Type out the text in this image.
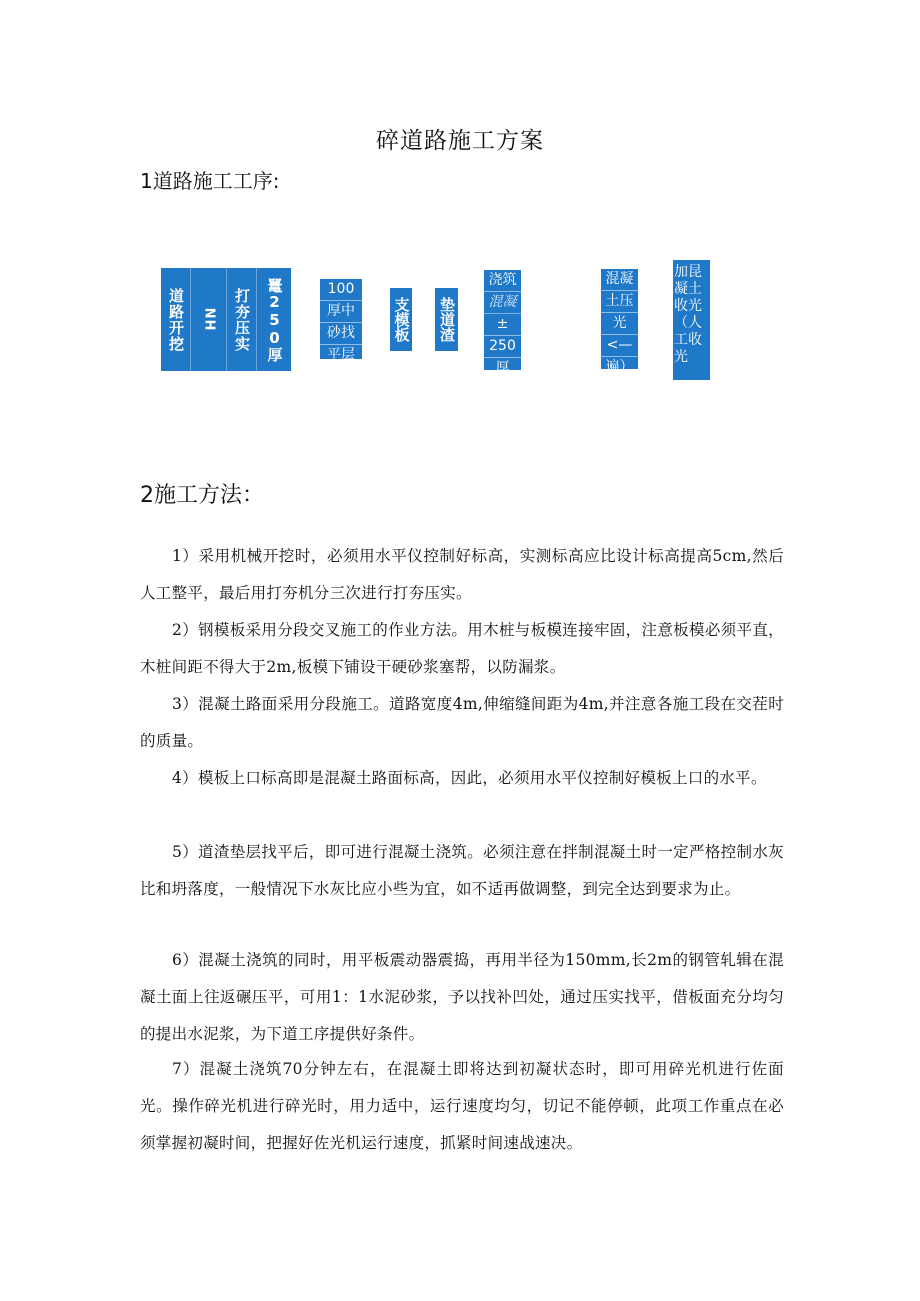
碎道路施工方案
1道路施工工序:
道路开挖	NH	打夯压实 鼍250厚	100
厚中
砂找
平层
支模板 垫道渣
浇筑
混凝
±
250
厚
混凝
土压
光
<—
遍）
加昆
凝土
收光
（人
工收
光
2施工方法：

1）采用机械开挖时，必须用水平仪控制好标高，实测标高应比设计标高提高5cm,然后人工整平，最后用打夯机分三次进行打夯压实。

2）钢模板采用分段交叉施工的作业方法。用木桩与板模连接牢固，注意板模必须平直，木桩间距不得大于2m,板模下铺设干硬砂浆塞帮，以防漏浆。

3）混凝土路面采用分段施工。道路宽度4m,伸缩缝间距为4m,并注意各施工段在交茬时的质量。

4）模板上口标高即是混凝土路面标高，因此，必须用水平仪控制好模板上口的水平。

5）道渣垫层找平后，即可进行混凝土浇筑。必须注意在拌制混凝土时一定严格控制水灰比和坍落度，一般情况下水灰比应小些为宜，如不适再做调整，到完全达到要求为止。

6）混凝土浇筑的同时，用平板震动器震捣，再用半径为150mm,长2m的钢管轧辑在混凝土面上往返碾压平，可用1：1水泥砂浆，予以找补凹处，通过压实找平，借板面充分均匀的提出水泥浆，为下道工序提供好条件。

7）混凝土浇筑70分钟左右，在混凝土即将达到初凝状态时，即可用碎光机进行佐面光。操作碎光机进行碎光时，用力适中，运行速度均匀，切记不能停顿，此项工作重点在必须掌握初凝时间，把握好佐光机运行速度，抓紧时间速战速决。
